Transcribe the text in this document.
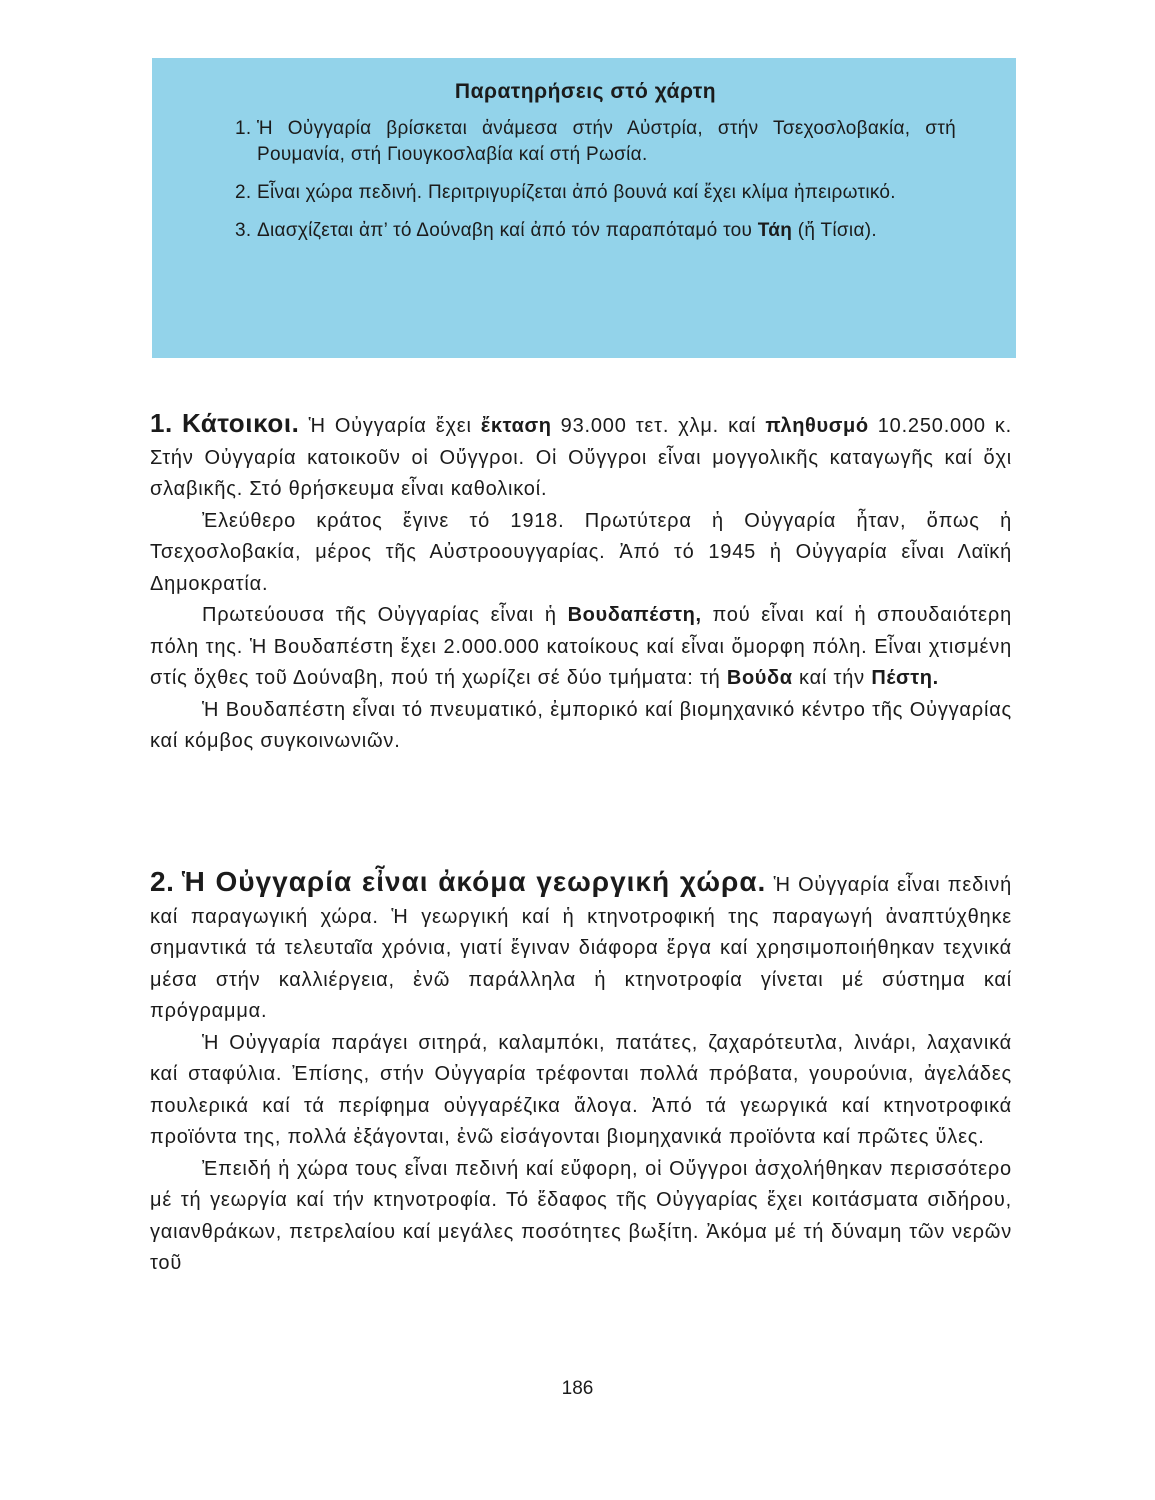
Παρατηρήσεις στό χάρτη
1. Ἡ Οὐγγαρία βρίσκεται ἀνάμεσα στήν Αὐστρία, στήν Τσεχοσλοβακία, στή Ρουμανία, στή Γιουγκοσλαβία καί στή Ρωσία.
2. Εἶναι χώρα πεδινή. Περιτριγυρίζεται ἀπό βουνά καί ἔχει κλίμα ἠπειρωτικό.
3. Διασχίζεται ἀπ’ τό Δούναβη καί ἀπό τόν παραπόταμό του Τάη (ἤ Τίσια).

1. Κάτοικοι. Ἡ Οὐγγαρία ἔχει ἔκταση 93.000 τετ. χλμ. καί πληθυσμό 10.250.000 κ. Στήν Οὐγγαρία κατοικοῦν οἱ Οὔγγροι. Οἱ Οὔγγροι εἶναι μογγολικῆς καταγωγῆς καί ὄχι σλαβικῆς. Στό θρήσκευμα εἶναι καθολικοί.

Ἐλεύθερο κράτος ἔγινε τό 1918. Πρωτύτερα ἡ Οὐγγαρία ἦταν, ὅπως ἡ Τσεχοσλοβακία, μέρος τῆς Αὐστροουγγαρίας. Ἀπό τό 1945 ἡ Οὐγγαρία εἶναι Λαϊκή Δημοκρατία.

Πρωτεύουσα τῆς Οὐγγαρίας εἶναι ἡ Βουδαπέστη, πού εἶναι καί ἡ σπουδαιότερη πόλη της. Ἡ Βουδαπέστη ἔχει 2.000.000 κατοίκους καί εἶναι ὄμορφη πόλη. Εἶναι χτισμένη στίς ὄχθες τοῦ Δούναβη, πού τή χωρίζει σέ δύο τμήματα: τή Βούδα καί τήν Πέστη.

Ἡ Βουδαπέστη εἶναι τό πνευματικό, ἐμπορικό καί βιομηχανικό κέντρο τῆς Οὐγγαρίας καί κόμβος συγκοινωνιῶν.

2. Ἡ Οὐγγαρία εἶναι ἀκόμα γεωργική χώρα. Ἡ Οὐγγαρία εἶναι πεδινή καί παραγωγική χώρα. Ἡ γεωργική καί ἡ κτηνοτροφική της παραγωγή ἀναπτύχθηκε σημαντικά τά τελευταῖα χρόνια, γιατί ἔγιναν διάφορα ἔργα καί χρησιμοποιήθηκαν τεχνικά μέσα στήν καλλιέργεια, ἐνῶ παράλληλα ἡ κτηνοτροφία γίνεται μέ σύστημα καί πρόγραμμα.

Ἡ Οὐγγαρία παράγει σιτηρά, καλαμπόκι, πατάτες, ζαχαρότευτλα, λινάρι, λαχανικά καί σταφύλια. Ἐπίσης, στήν Οὐγγαρία τρέφονται πολλά πρόβατα, γουρούνια, ἀγελάδες πουλερικά καί τά περίφημα οὐγγαρέζικα ἄλογα. Ἀπό τά γεωργικά καί κτηνοτροφικά προϊόντα της, πολλά ἐξάγονται, ἐνῶ εἰσάγονται βιομηχανικά προϊόντα καί πρῶτες ὕλες.

Ἐπειδή ἡ χώρα τους εἶναι πεδινή καί εὔφορη, οἱ Οὔγγροι ἀσχολήθηκαν περισσότερο μέ τή γεωργία καί τήν κτηνοτροφία. Τό ἔδαφος τῆς Οὐγγαρίας ἔχει κοιτάσματα σιδήρου, γαιανθράκων, πετρελαίου καί μεγάλες ποσότητες βωξίτη. Ἀκόμα μέ τή δύναμη τῶν νερῶν τοῦ

186
